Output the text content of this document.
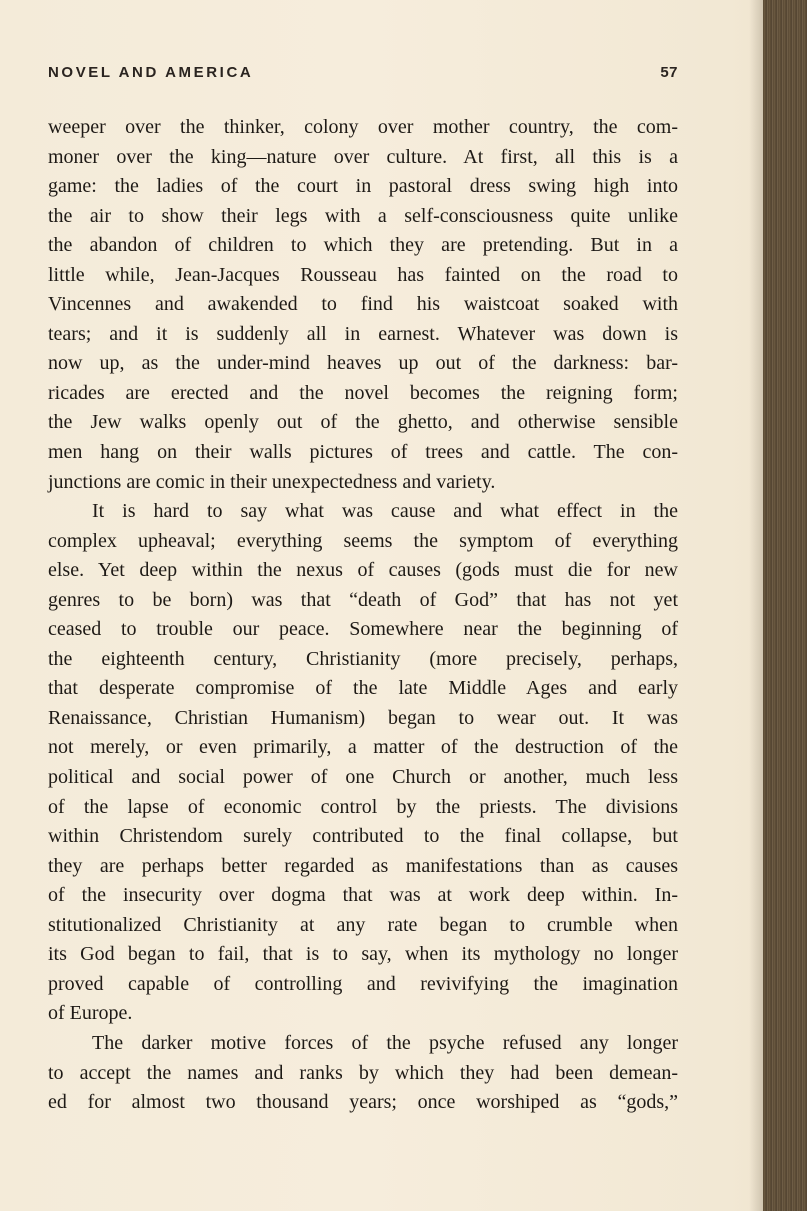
NOVEL AND AMERICA	57
weeper over the thinker, colony over mother country, the com-
moner over the king—nature over culture. At first, all this is a
game: the ladies of the court in pastoral dress swing high into
the air to show their legs with a self-consciousness quite unlike
the abandon of children to which they are pretending. But in a
little while, Jean-Jacques Rousseau has fainted on the road to
Vincennes and awakended to find his waistcoat soaked with
tears; and it is suddenly all in earnest. Whatever was down is
now up, as the under-mind heaves up out of the darkness: bar-
ricades are erected and the novel becomes the reigning form;
the Jew walks openly out of the ghetto, and otherwise sensible
men hang on their walls pictures of trees and cattle. The con-
junctions are comic in their unexpectedness and variety.
It is hard to say what was cause and what effect in the
complex upheaval; everything seems the symptom of everything
else. Yet deep within the nexus of causes (gods must die for new
genres to be born) was that “death of God” that has not yet
ceased to trouble our peace. Somewhere near the beginning of
the eighteenth century, Christianity (more precisely, perhaps,
that desperate compromise of the late Middle Ages and early
Renaissance, Christian Humanism) began to wear out. It was
not merely, or even primarily, a matter of the destruction of the
political and social power of one Church or another, much less
of the lapse of economic control by the priests. The divisions
within Christendom surely contributed to the final collapse, but
they are perhaps better regarded as manifestations than as causes
of the insecurity over dogma that was at work deep within. In-
stitutionalized Christianity at any rate began to crumble when
its God began to fail, that is to say, when its mythology no longer
proved capable of controlling and revivifying the imagination
of Europe.
The darker motive forces of the psyche refused any longer
to accept the names and ranks by which they had been demean-
ed for almost two thousand years; once worshiped as “gods,”
